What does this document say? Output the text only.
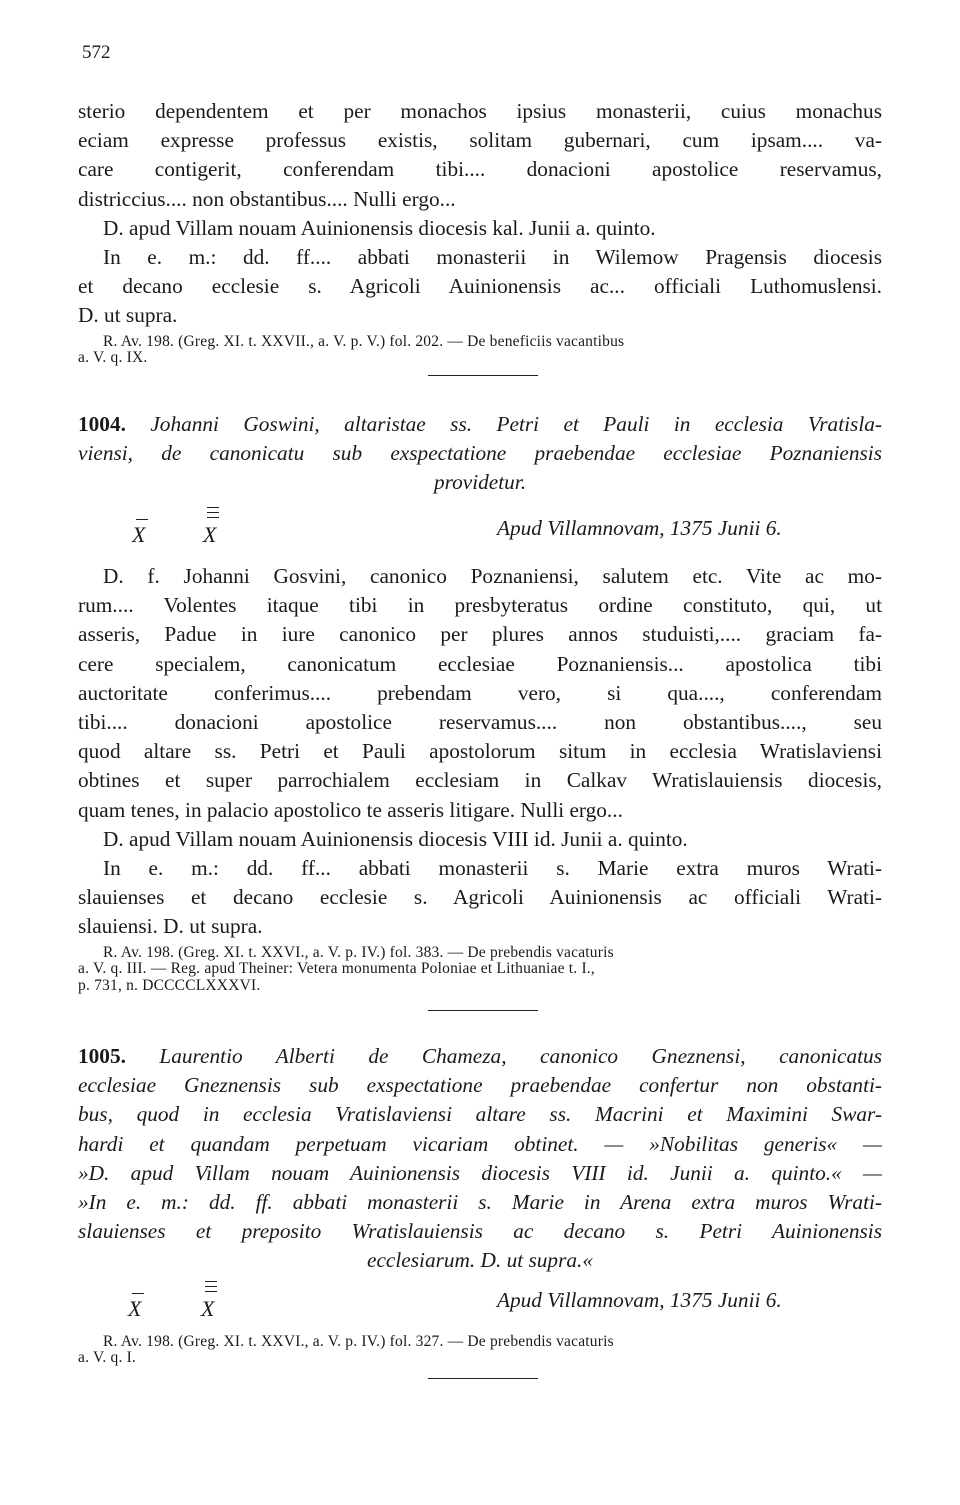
572
sterio dependentem et per monachos ipsius monasterii, cuius monachus
eciam expresse professus existis, solitam gubernari, cum ipsam.... va-
care contigerit, conferendam tibi.... donacioni apostolice reservamus,
districcius.... non obstantibus.... Nulli ergo...
D. apud Villam nouam Auinionensis diocesis kal. Junii a. quinto.
In e. m.: dd. ff.... abbati monasterii in Wilemow Pragensis diocesis
et decano ecclesie s. Agricoli Auinionensis ac... officiali Luthomuslensi.
D. ut supra.
R. Av. 198. (Greg. XI. t. XXVII., a. V. p. V.) fol. 202. — De beneficiis vacantibus
a. V. q. IX.
1004. Johanni Goswini, altaristae ss. Petri et Pauli in ecclesia Vratisla-
viensi, de canonicatu sub exspectatione praebendae ecclesiae Poznaniensis
providetur.
X	X	Apud Villamnovam, 1375 Junii 6.
D. f. Johanni Gosvini, canonico Poznaniensi, salutem etc. Vite ac mo-
rum.... Volentes itaque tibi in presbyteratus ordine constituto, qui, ut
asseris, Padue in iure canonico per plures annos studuisti,.... graciam fa-
cere specialem, canonicatum ecclesiae Poznaniensis... apostolica tibi
auctoritate conferimus.... prebendam vero, si qua...., conferendam
tibi.... donacioni apostolice reservamus.... non obstantibus...., seu
quod altare ss. Petri et Pauli apostolorum situm in ecclesia Wratislaviensi
obtines et super parrochialem ecclesiam in Calkav Wratislauiensis diocesis,
quam tenes, in palacio apostolico te asseris litigare. Nulli ergo...
D. apud Villam nouam Auinionensis diocesis VIII id. Junii a. quinto.
In e. m.: dd. ff... abbati monasterii s. Marie extra muros Wrati-
slauienses et decano ecclesie s. Agricoli Auinionensis ac officiali Wrati-
slauiensi. D. ut supra.
R. Av. 198. (Greg. XI. t. XXVI., a. V. p. IV.) fol. 383. — De prebendis vacaturis
a. V. q. III. — Reg. apud Theiner: Vetera monumenta Poloniae et Lithuaniae t. I.,
p. 731, n. DCCCCLXXXVI.
1005. Laurentio Alberti de Chameza, canonico Gneznensi, canonicatus
ecclesiae Gneznensis sub exspectatione praebendae confertur non obstanti-
bus, quod in ecclesia Vratislaviensi altare ss. Macrini et Maximini Swar-
hardi et quandam perpetuam vicariam obtinet. — »Nobilitas generis« —
»D. apud Villam nouam Auinionensis diocesis VIII id. Junii a. quinto.« —
»In e. m.: dd. ff. abbati monasterii s. Marie in Arena extra muros Wrati-
slauienses et preposito Wratislauiensis ac decano s. Petri Auinionensis
ecclesiarum. D. ut supra.«
X	X	Apud Villamnovam, 1375 Junii 6.
R. Av. 198. (Greg. XI. t. XXVI., a. V. p. IV.) fol. 327. — De prebendis vacaturis
a. V. q. I.
